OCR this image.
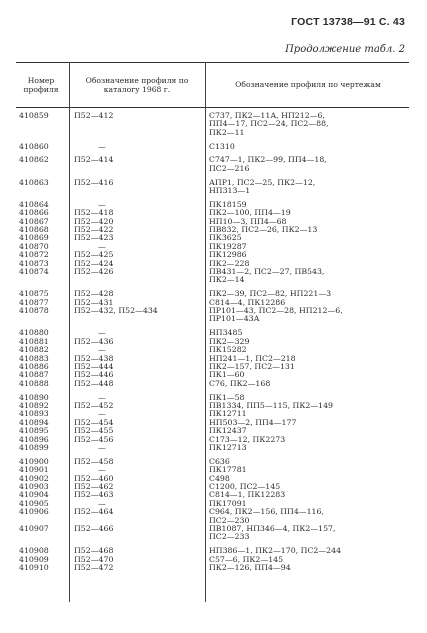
ГОСТ 13738—91 С. 43
Продолжение табл. 2
Номер профиля
Обозначение профиля по каталогу 1968 г.
Обозначение профиля по чертежам
410859	П52—412	С737, ПК2—11А, НП212—6,
ПП4—17, ПС2—24, ПС2—88,
ПК2—11
410860	—	С1310
410862	П52—414	С747—1, ПК2—99, ПП4—18,
ПС2—216
410863	П52—416	АПР1, ПС2—25, ПК2—12,
НП313—1
410864	—	ПК18159
410866	П52—418	ПК2—100, ПП4—19
410867	П52—420	НП10—3, ПП4—68
410868	П52—422	ПВ832, ПС2—26, ПК2—13
410869	П52—423	ПК3625
410870	—	ПК19287
410872	П52—425	ПК12986
410873	П52—424	ПК2—228
410874	П52—426	ПВ431—2, ПС2—27, ПВ543,
ПК2—14
410875	П52—428	ПК2—39, ПС2—82, НП221—3
410877	П52—431	С814—4, ПК12286
410878	П52—432, П52—434	ПР101—43, ПС2—28, НП212—6,
ПР101—43А
410880	—	НП3485
410881	П52—436	ПК2—329
410882	—	ПК15282
410883	П52—438	НП241—1, ПС2—218
410886	П52—444	ПК2—157, ПС2—131
410887	П52—446	ПК1—60
410888	П52—448	С76, ПК2—168
410890	—	ПК1—58
410892	П52—452	ПВ1334, ПП5—115, ПК2—149
410893	—	ПК12711
410894	П52—454	НП503—2, ПП4—177
410895	П52—455	ПК12437
410896	П52—456	С173—12, ПК2273
410899	—	ПК12713
410900	П52—458	С636
410901	—	ПК17781
410902	П52—460	С498
410903	П52—462	С1200, ПС2—145
410904	П52—463	С814—1, ПК12283
410905	—	ПК17091
410906	П52—464	С964, ПК2—156, ПП4—116,
ПС2—230
410907	П52—466	ПВ1087, НП346—4, ПК2—157,
ПС2—233
410908	П52—468	НП386—1, ПК2—170, ПС2—244
410909	П52—470	С57—6, ПК2—145
410910	П52—472	ПК2—126, ПП4—94
